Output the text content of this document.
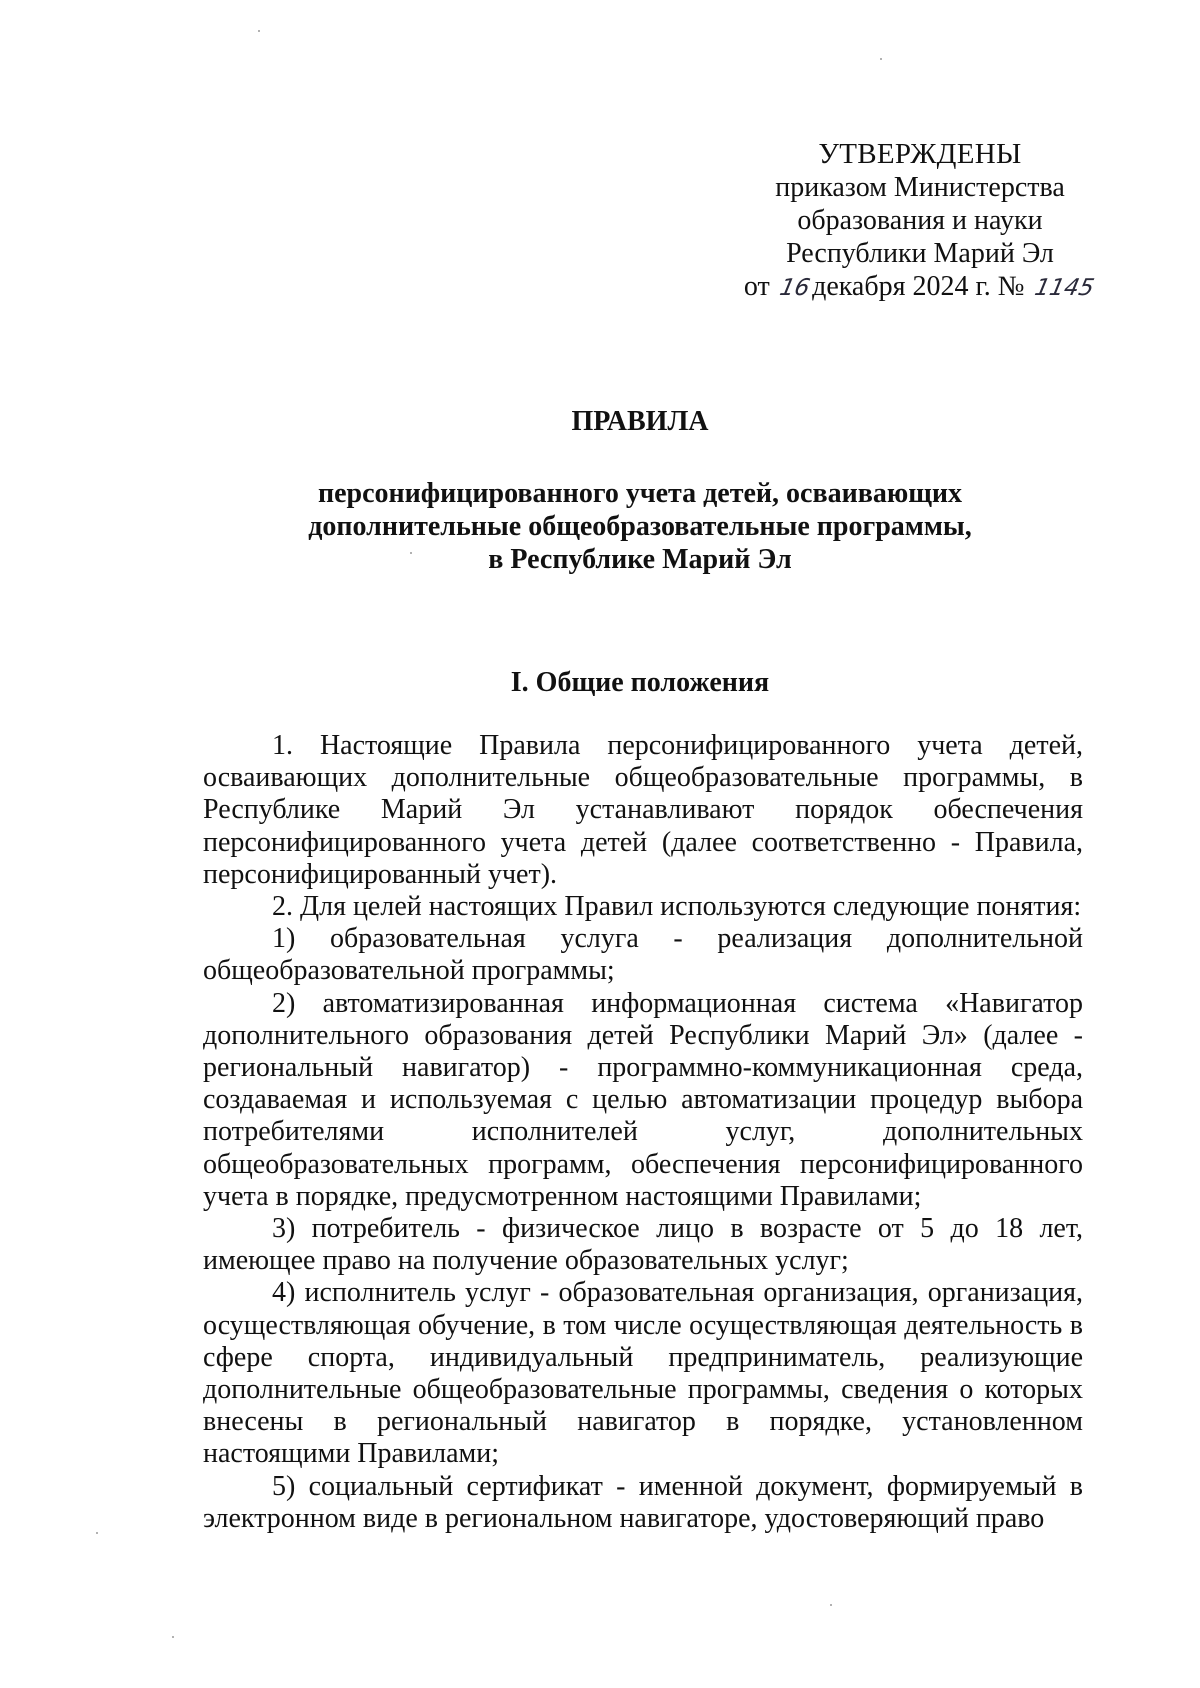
УТВЕРЖДЕНЫ
приказом Министерства
образования и науки
Республики Марий Эл
от 16декабря 2024 г. № 1145
ПРАВИЛА
персонифицированного учета детей, осваивающих
дополнительные общеобразовательные программы,
в Республике Марий Эл
I. Общие положения

1. Настоящие Правила персонифицированного учета детей, осваивающих дополнительные общеобразовательные программы, в Республике Марий Эл устанавливают порядок обеспечения персонифицированного учета детей (далее соответственно - Правила, персонифицированный учет).

2. Для целей настоящих Правил используются следующие понятия:

1) образовательная услуга - реализация дополнительной общеобразовательной программы;

2) автоматизированная информационная система «Навигатор дополнительного образования детей Республики Марий Эл» (далее - региональный навигатор) - программно-коммуникационная среда, создаваемая и используемая с целью автоматизации процедур выбора потребителями исполнителей услуг, дополнительных общеобразовательных программ, обеспечения персонифицированного учета в порядке, предусмотренном настоящими Правилами;

3) потребитель - физическое лицо в возрасте от 5 до 18 лет, имеющее право на получение образовательных услуг;

4) исполнитель услуг - образовательная организация, организация, осуществляющая обучение, в том числе осуществляющая деятельность в сфере спорта, индивидуальный предприниматель, реализующие дополнительные общеобразовательные программы, сведения о которых внесены в региональный навигатор в порядке, установленном настоящими Правилами;

5) социальный сертификат - именной документ, формируемый в электронном виде в региональном навигаторе, удостоверяющий право
